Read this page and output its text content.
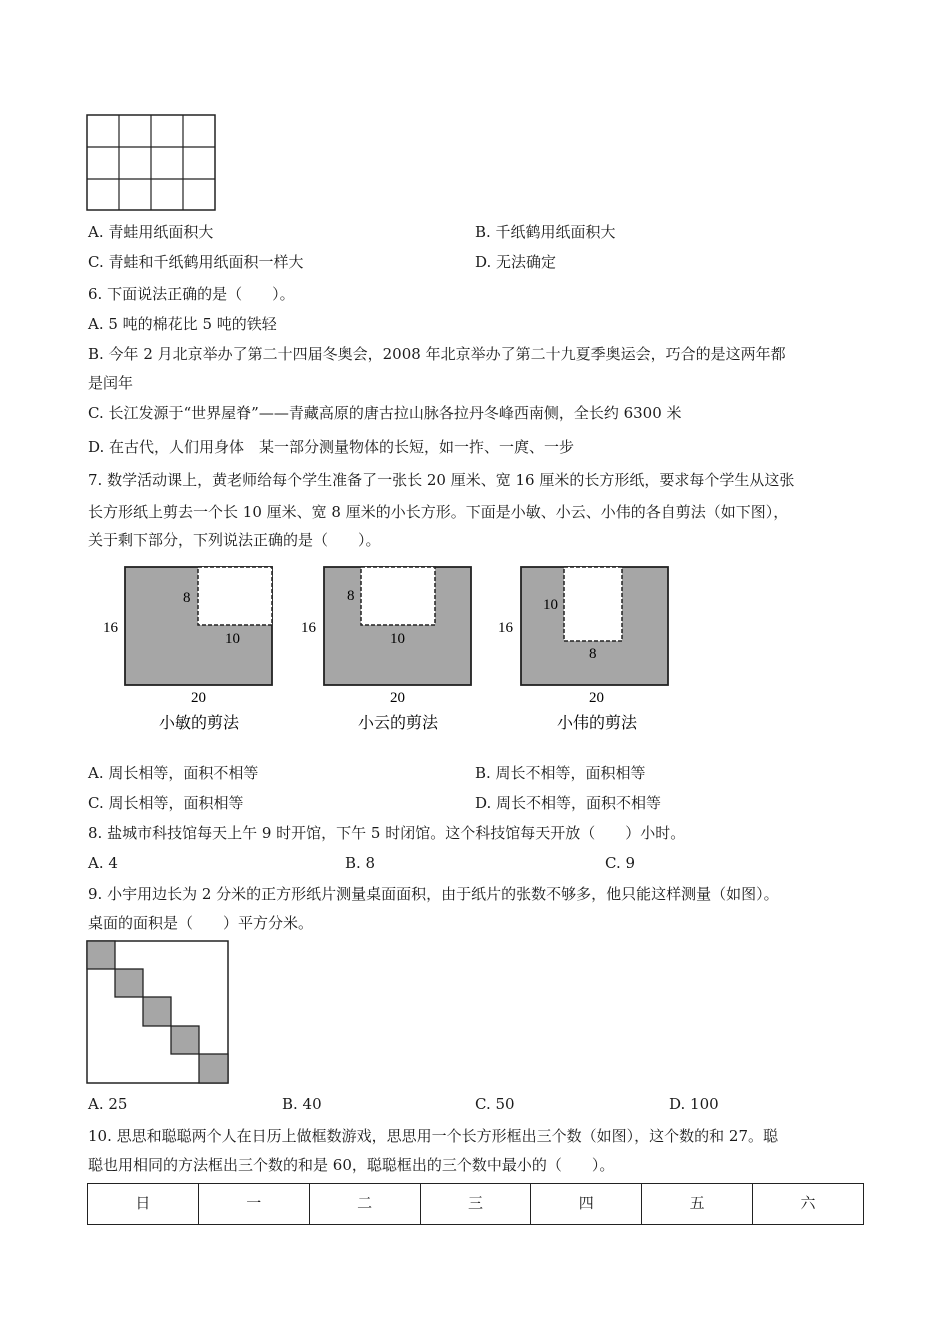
A. 青蛙用纸面积大	B. 千纸鹤用纸面积大
C. 青蛙和千纸鹤用纸面积一样大	D. 无法确定
6. 下面说法正确的是（　　）。
A. 5 吨的棉花比 5 吨的铁轻
B. 今年 2 月北京举办了第二十四届冬奥会，2008 年北京举办了第二十九夏季奥运会，巧合的是这两年都
是闰年
C. 长江发源于“世界屋脊”——青藏高原的唐古拉山脉各拉丹冬峰西南侧，全长约 6300 米
D. 在古代，人们用身体　某一部分测量物体的长短，如一拃、一庹、一步
7. 数学活动课上，黄老师给每个学生准备了一张长 20 厘米、宽 16 厘米的长方形纸，要求每个学生从这张
长方形纸上剪去一个长 10 厘米、宽 8 厘米的小长方形。下面是小敏、小云、小伟的各自剪法（如下图），
关于剩下部分，下列说法正确的是（　　）。
16
8
10
20
小敏的剪法
16
8
10
20
小云的剪法
16
10
8
20
小伟的剪法
A. 周长相等，面积不相等	B. 周长不相等，面积相等
C. 周长相等，面积相等	D. 周长不相等，面积不相等
8. 盐城市科技馆每天上午 9 时开馆，下午 5 时闭馆。这个科技馆每天开放（　　）小时。
A. 4	B. 8	C. 9
9. 小宇用边长为 2 分米的正方形纸片测量桌面面积，由于纸片的张数不够多，他只能这样测量（如图）。
桌面的面积是（　　）平方分米。
A. 25	B. 40	C. 50	D. 100
10. 思思和聪聪两个人在日历上做框数游戏，思思用一个长方形框出三个数（如图），这个数的和 27。聪
聪也用相同的方法框出三个数的和是 60，聪聪框出的三个数中最小的（　　）。
日	一	二	三	四	五	六
